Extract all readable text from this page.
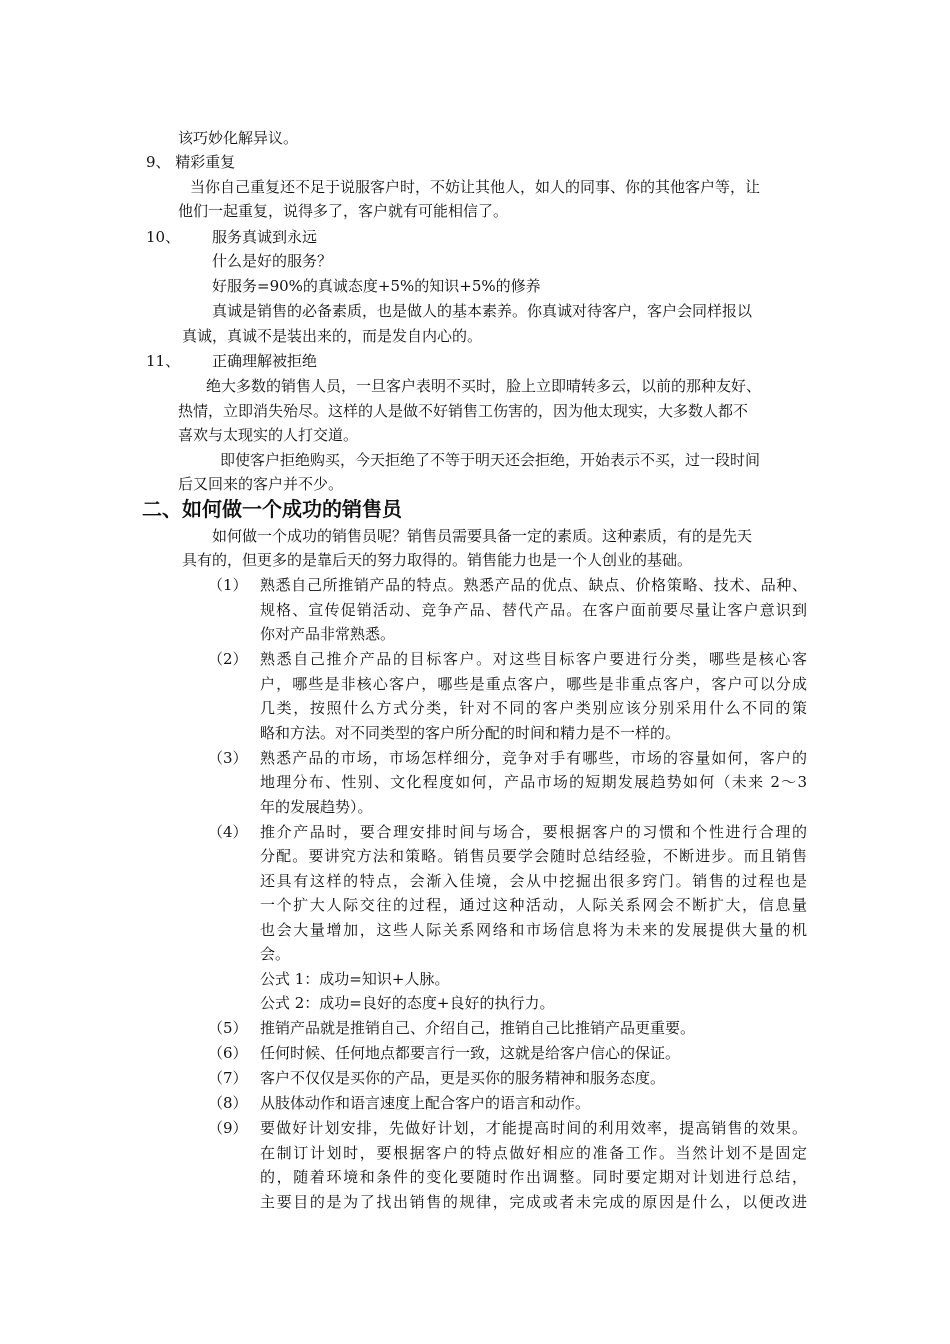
该巧妙化解异议。
9、 精彩重复
当你自己重复还不足于说服客户时，不妨让其他人，如人的同事、你的其他客户等，让
他们一起重复，说得多了，客户就有可能相信了。
10、 服务真诚到永远
什么是好的服务？
好服务=90%的真诚态度+5%的知识+5%的修养
真诚是销售的必备素质，也是做人的基本素养。你真诚对待客户，客户会同样报以
真诚，真诚不是装出来的，而是发自内心的。
11、 正确理解被拒绝
绝大多数的销售人员，一旦客户表明不买时，脸上立即晴转多云，以前的那种友好、
热情，立即消失殆尽。这样的人是做不好销售工伤害的，因为他太现实，大多数人都不
喜欢与太现实的人打交道。
即使客户拒绝购买，今天拒绝了不等于明天还会拒绝，开始表示不买，过一段时间
后又回来的客户并不少。
二、如何做一个成功的销售员
如何做一个成功的销售员呢？销售员需要具备一定的素质。这种素质，有的是先天
具有的，但更多的是靠后天的努力取得的。销售能力也是一个人创业的基础。
（1） 熟悉自己所推销产品的特点。熟悉产品的优点、缺点、价格策略、技术、品种、
规格、宣传促销活动、竞争产品、替代产品。在客户面前要尽量让客户意识到
你对产品非常熟悉。
（2） 熟悉自己推介产品的目标客户。对这些目标客户要进行分类，哪些是核心客
户，哪些是非核心客户，哪些是重点客户，哪些是非重点客户，客户可以分成
几类，按照什么方式分类，针对不同的客户类别应该分别采用什么不同的策
略和方法。对不同类型的客户所分配的时间和精力是不一样的。
（3） 熟悉产品的市场，市场怎样细分，竞争对手有哪些，市场的容量如何，客户的
地理分布、性别、文化程度如何，产品市场的短期发展趋势如何（未来 2～3
年的发展趋势）。
（4） 推介产品时，要合理安排时间与场合，要根据客户的习惯和个性进行合理的
分配。要讲究方法和策略。销售员要学会随时总结经验，不断进步。而且销售
还具有这样的特点，会渐入佳境，会从中挖掘出很多窍门。销售的过程也是
一个扩大人际交往的过程，通过这种活动，人际关系网会不断扩大，信息量
也会大量增加，这些人际关系网络和市场信息将为未来的发展提供大量的机
会。
公式 1：成功=知识+人脉。
公式 2：成功=良好的态度+良好的执行力。
（5） 推销产品就是推销自己、介绍自己，推销自己比推销产品更重要。
（6） 任何时候、任何地点都要言行一致，这就是给客户信心的保证。
（7） 客户不仅仅是买你的产品，更是买你的服务精神和服务态度。
（8） 从肢体动作和语言速度上配合客户的语言和动作。
（9） 要做好计划安排，先做好计划，才能提高时间的利用效率，提高销售的效果。
在制订计划时，要根据客户的特点做好相应的准备工作。当然计划不是固定
的，随着环境和条件的变化要随时作出调整。同时要定期对计划进行总结，
主要目的是为了找出销售的规律，完成或者未完成的原因是什么，以便改进
